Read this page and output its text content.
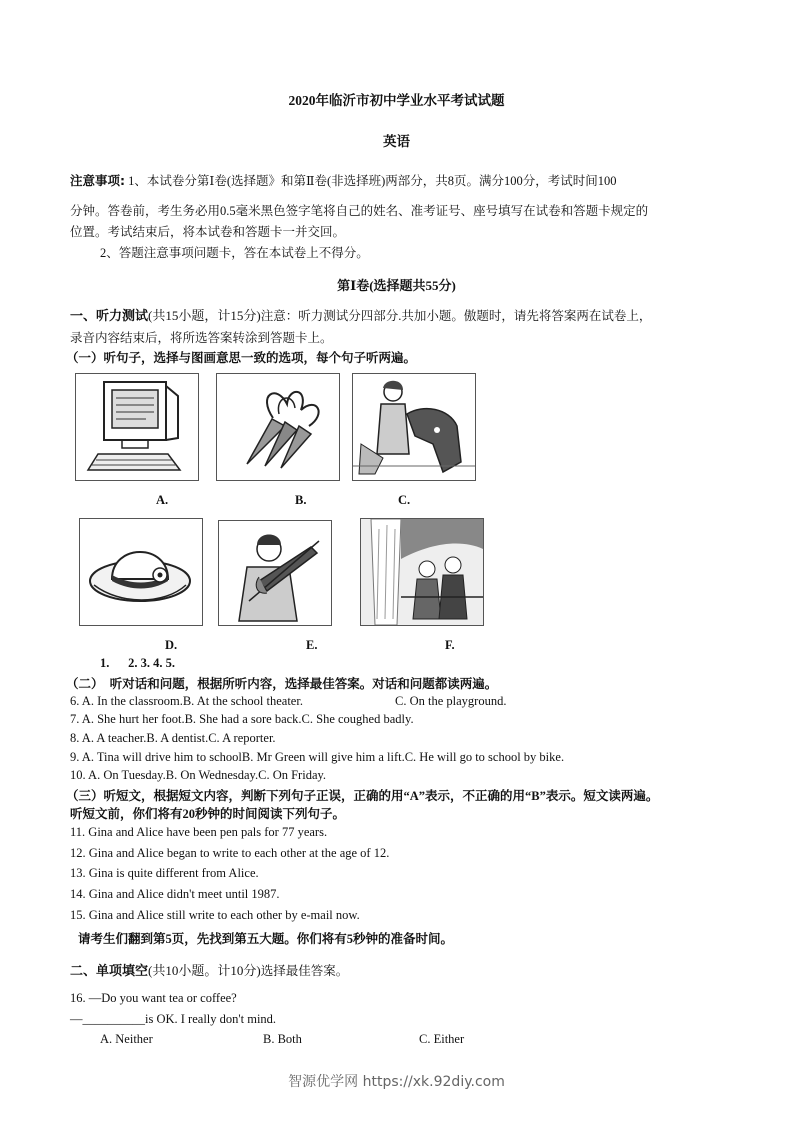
2020年临沂市初中学业水平考试试题
英语
注意事项: 1、本试卷分第Ⅰ卷(选择题》和第Ⅱ卷(非选择班)两部分，共8页。满分100分，考试时间100
分钟。答卷前，考生务必用0.5毫米黑色签字笔将自己的姓名、准考证号、座号填写在试卷和答题卡规定的
位置。考试结束后，将本试卷和答题卡一并交回。
2、答题注意事项问题卡，答在本试卷上不得分。
第Ⅰ卷(选择题共55分)
一、听力测试(共15小题，计15分)注意：听力测试分四部分.共加小题。傲题时，请先将答案两在试卷上，
录音内容结束后，将所选答案转涂到答题卡上。
（一）听句子，选择与图画意思一致的选项，每个句子听两遍。
A.	B.	C.
D.	E.	F.
1.      2. 3. 4. 5.
（二）  听对话和问题，根据所听内容，选择最佳答案。对话和问题都读两遍。
6. A. In the classroom.B. At the school theater.	C. On the playground.
7. A. She hurt her foot.B. She had a sore back.C. She coughed badly.
8. A. A teacher.B. A dentist.C. A reporter.
9. A. Tina will drive him to schoolB. Mr Green will give him a lift.C. He will go to school by bike.
10. A. On Tuesday.B. On Wednesday.C. On Friday.
（三）听短文，根据短文内容，判断下列句子正误，正确的用“A”表示，不正确的用“B”表示。短文读两遍。
听短文前，你们将有20秒钟的时间阅读下列句子。
11. Gina and Alice have been pen pals for 77 years.
12. Gina and Alice began to write to each other at the age of 12.
13. Gina is quite different from Alice.
14. Gina and Alice didn't meet until 1987.
15. Gina and Alice still write to each other by e-mail now.
请考生们翻到第5页，先找到第五大题。你们将有5秒钟的准备时间。
二、单项填空(共10小题。计10分)选择最佳答案。
16. —Do you want tea or coffee?
—__________is OK. I really don't mind.
A. Neither	B. Both	C. Either
智源优学网 https://xk.92diy.com
